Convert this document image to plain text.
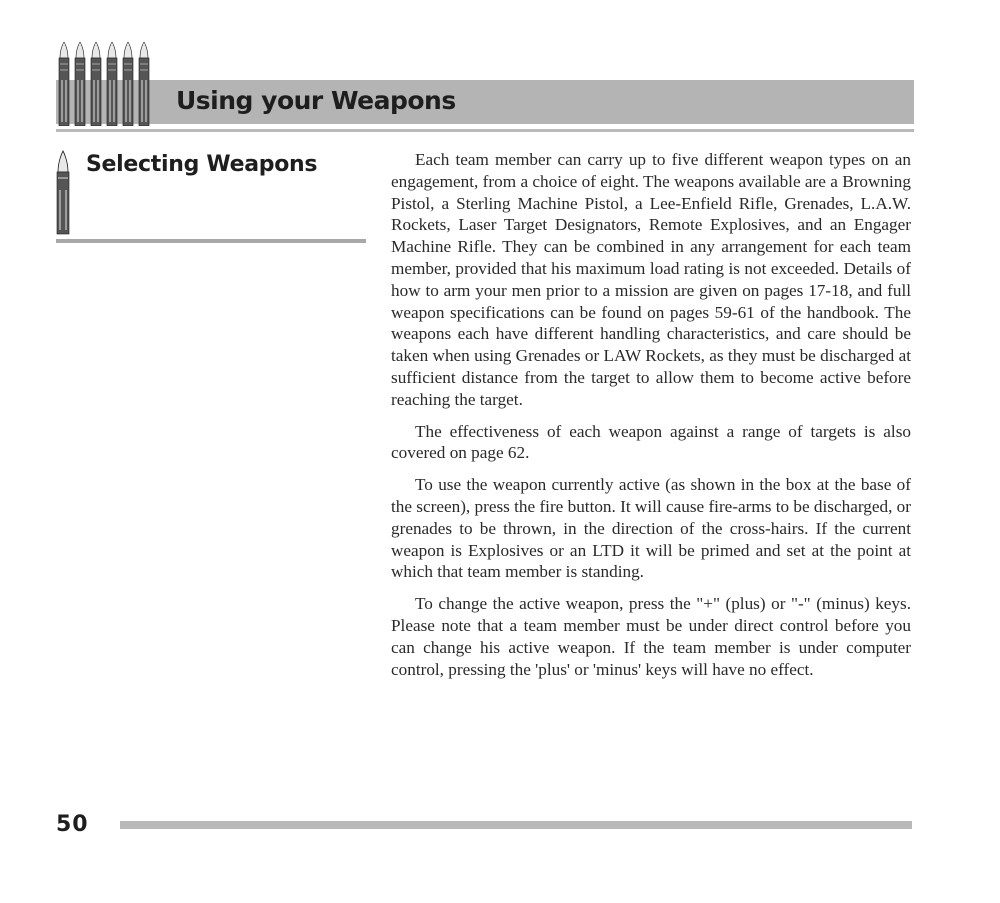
Using your Weapons
Selecting Weapons	Each team member can carry up to five different weapon types on an engagement, from a choice of eight. The weapons available are a Browning Pistol, a Sterling Machine Pistol, a Lee-Enfield Rifle, Grenades, L.A.W. Rockets, Laser Target Designators, Remote Explosives, and an Engager Machine Rifle. They can be combined in any arrangement for each team member, provided that his maximum load rating is not exceeded. Details of how to arm your men prior to a mission are given on pages 17-18, and full weapon specifications can be found on pages 59-61 of the handbook. The weapons each have different handling characteristics, and care should be taken when using Grenades or LAW Rockets, as they must be discharged at sufficient distance from the target to allow them to become active before reaching the target.

The effectiveness of each weapon against a range of targets is also covered on page 62.

To use the weapon currently active (as shown in the box at the base of the screen), press the fire button. It will cause fire-arms to be discharged, or grenades to be thrown, in the direction of the cross-hairs. If the current weapon is Explosives or an LTD it will be primed and set at the point at which that team member is standing.

To change the active weapon, press the "+" (plus) or "-" (minus) keys. Please note that a team member must be under direct control before you can change his active weapon. If the team member is under computer control, pressing the 'plus' or 'minus' keys will have no effect.

50
